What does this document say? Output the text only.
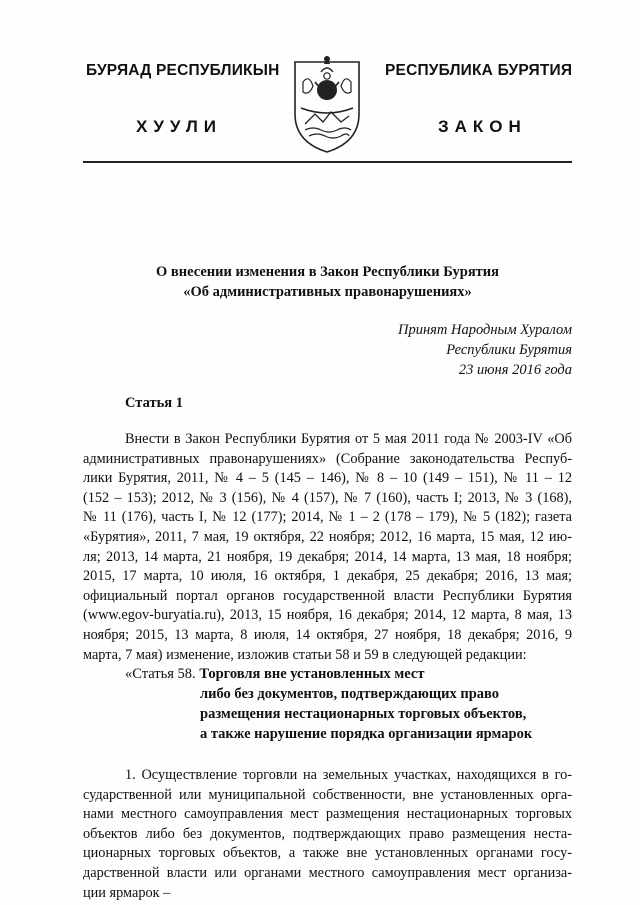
БУРЯАД РЕСПУБЛИКЫН	РЕСПУБЛИКА БУРЯТИЯ
ХУУЛИ	ЗАКОН
О внесении изменения в Закон Республики Бурятия
«Об административных правонарушениях»
Принят Народным Хуралом
Республики Бурятия
23 июня 2016 года
Статья 1
Внести в Закон Республики Бурятия от 5 мая 2011 года № 2003-IV «Об
административных правонарушениях» (Собрание законодательства Респуб-
лики Бурятия, 2011, № 4 – 5 (145 – 146), № 8 – 10 (149 – 151), № 11 – 12
(152 – 153); 2012, № 3 (156), № 4 (157), № 7 (160), часть I; 2013, № 3 (168),
№ 11 (176), часть I, № 12 (177); 2014, № 1 – 2 (178 – 179), № 5 (182); газета
«Бурятия», 2011, 7 мая, 19 октября, 22 ноября; 2012, 16 марта, 15 мая, 12 ию-
ля; 2013, 14 марта, 21 ноября, 19 декабря; 2014, 14 марта, 13 мая, 18 ноября;
2015, 17 марта, 10 июля, 16 октября, 1 декабря, 25 декабря; 2016, 13 мая;
официальный портал органов государственной власти Республики Бурятия
(www.egov-buryatia.ru), 2013, 15 ноября, 16 декабря; 2014, 12 марта, 8 мая, 13
ноября; 2015, 13 марта, 8 июля, 14 октября, 27 ноября, 18 декабря; 2016, 9
марта, 7 мая) изменение, изложив статьи 58 и 59 в следующей редакции:
«Статья 58. Торговля вне установленных мест
либо без документов, подтверждающих право
размещения нестационарных торговых объектов,
а также нарушение порядка организации ярмарок
1. Осуществление торговли на земельных участках, находящихся в го-
сударственной или муниципальной собственности, вне установленных орга-
нами местного самоуправления мест размещения нестационарных торговых
объектов либо без документов, подтверждающих право размещения неста-
ционарных торговых объектов, а также вне установленных органами госу-
дарственной власти или органами местного самоуправления мест организа-
ции ярмарок –
